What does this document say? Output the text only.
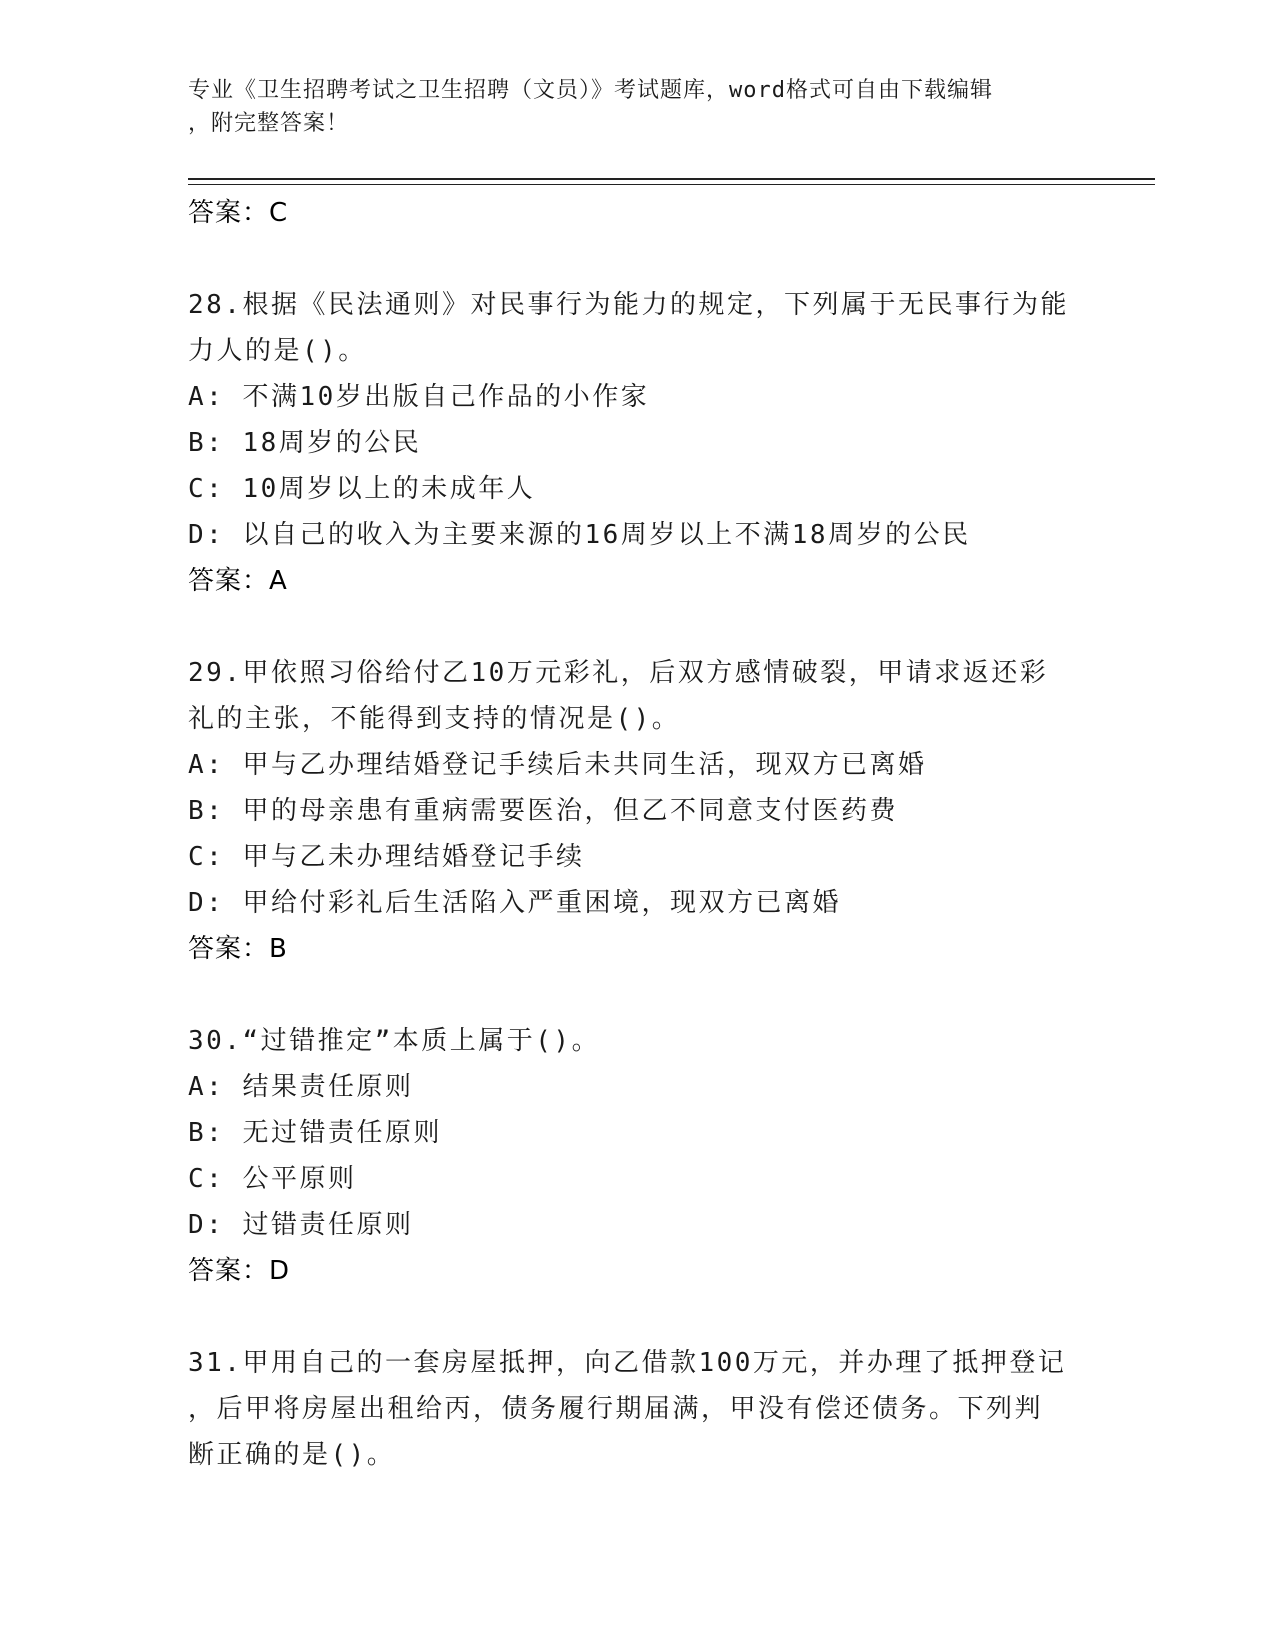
专业《卫生招聘考试之卫生招聘（文员）》考试题库，word格式可自由下载编辑

，附完整答案！

答案：C
28.根据《民法通则》对民事行为能力的规定，下列属于无民事行为能
力人的是()。
A: 不满10岁出版自己作品的小作家
B: 18周岁的公民
C: 10周岁以上的未成年人
D: 以自己的收入为主要来源的16周岁以上不满18周岁的公民
答案：A
29.甲依照习俗给付乙10万元彩礼，后双方感情破裂，甲请求返还彩
礼的主张，不能得到支持的情况是()。
A: 甲与乙办理结婚登记手续后未共同生活，现双方已离婚
B: 甲的母亲患有重病需要医治，但乙不同意支付医药费
C: 甲与乙未办理结婚登记手续
D: 甲给付彩礼后生活陷入严重困境，现双方已离婚
答案：B
30.“过错推定”本质上属于()。
A: 结果责任原则
B: 无过错责任原则
C: 公平原则
D: 过错责任原则
答案：D
31.甲用自己的一套房屋抵押，向乙借款100万元，并办理了抵押登记
，后甲将房屋出租给丙，债务履行期届满，甲没有偿还债务。下列判
断正确的是()。
